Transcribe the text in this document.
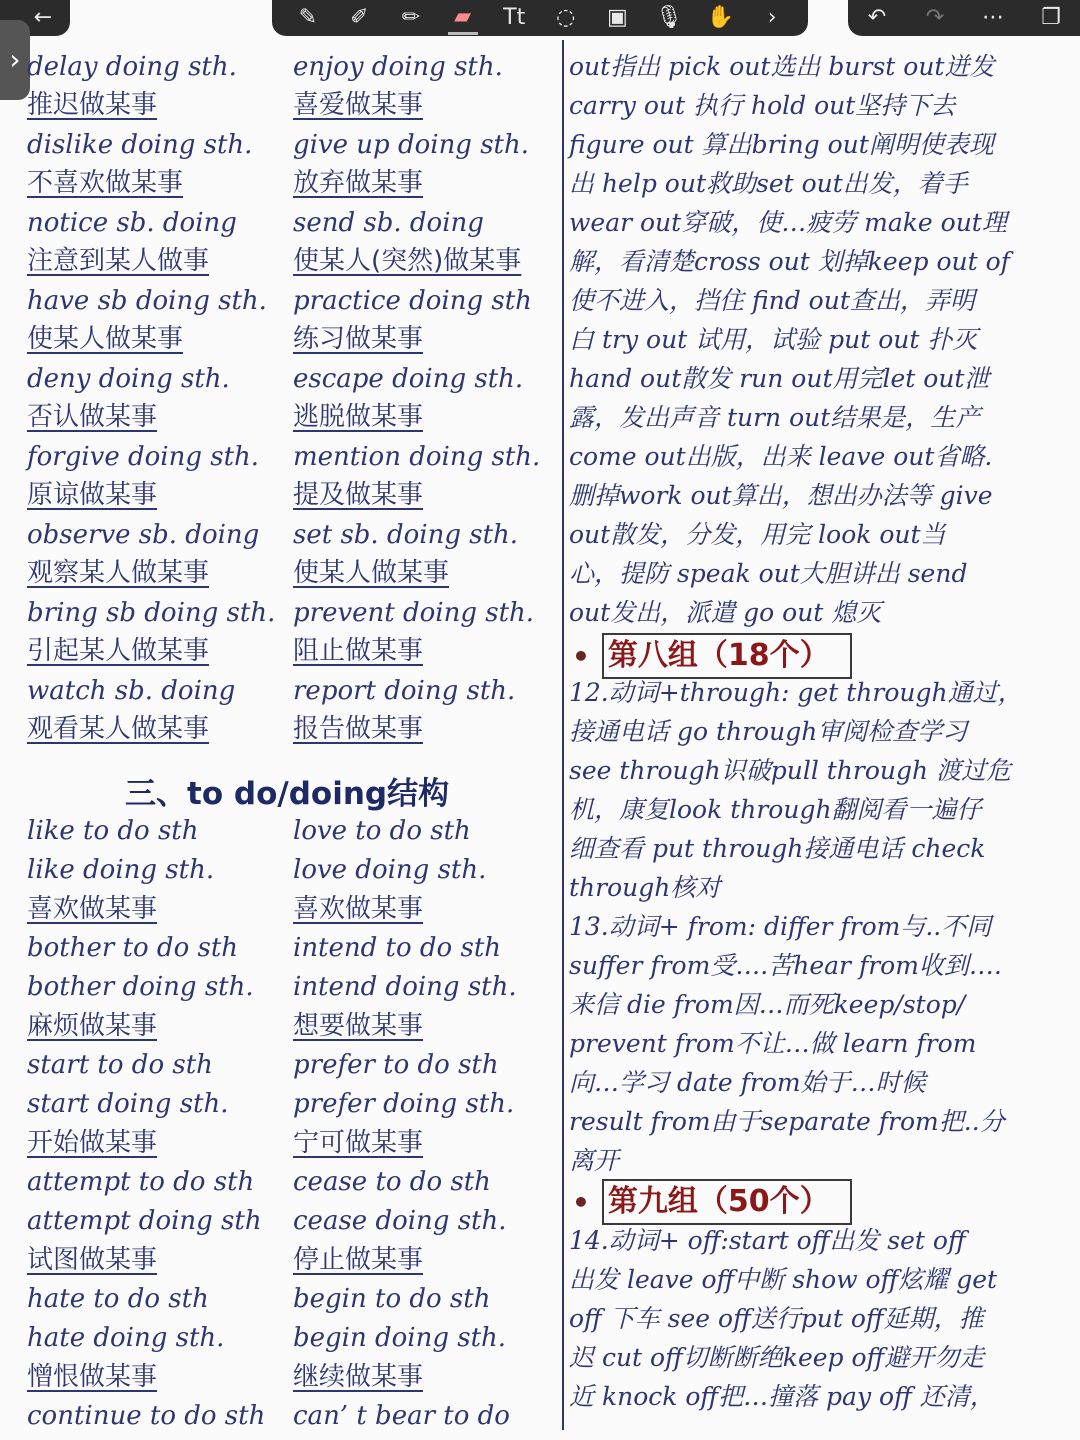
←
›
✎ ✐ ✏ ▰ Tt ◌ ▣ 🎙 ✋	›	↶ ↷ ⋯ ❐
delay doing sth.
推迟做某事
dislike doing sth.
不喜欢做某事
notice sb. doing
注意到某人做事
have sb doing sth.
使某人做某事
deny doing sth.
否认做某事
forgive doing sth.
原谅做某事
observe sb. doing
观察某人做某事
bring sb doing sth.
引起某人做某事
watch sb. doing
观看某人做某事
enjoy doing sth.
喜爱做某事
give up doing sth.
放弃做某事
send sb. doing
使某人(突然)做某事
practice doing sth
练习做某事
escape doing sth.
逃脱做某事
mention doing sth.
提及做某事
set sb. doing sth.
使某人做某事
prevent doing sth.
阻止做某事
report doing sth.
报告做某事
三、to do/doing结构
like to do sth
like doing sth.
喜欢做某事
bother to do sth
bother doing sth.
麻烦做某事
start to do sth
start doing sth.
开始做某事
attempt to do sth
attempt doing sth
试图做某事
hate to do sth
hate doing sth.
憎恨做某事
continue to do sth
love to do sth
love doing sth.
喜欢做某事
intend to do sth
intend doing sth.
想要做某事
prefer to do sth
prefer doing sth.
宁可做某事
cease to do sth
cease doing sth.
停止做某事
begin to do sth
begin doing sth.
继续做某事
can’ t bear to do
out指出 pick out选出 burst out迸发
carry out 执行 hold out坚持下去
figure out 算出bring out阐明使表现
出 help out救助set out出发，着手
wear out穿破，使…疲劳 make out理
解，看清楚cross out 划掉keep out of
使不进入，挡住 find out查出，弄明
白 try out 试用，试验 put out 扑灭
hand out散发 run out用完let out泄
露，发出声音 turn out结果是，生产
come out出版，出来 leave out省略.
删掉work out算出，想出办法等 give
out散发，分发，用完 look out当
心，提防 speak out大胆讲出 send
out发出，派遣 go out 熄灭
12.动词+through: get through通过，
接通电话 go through审阅检查学习
see through识破pull through 渡过危
机，康复look through翻阅看一遍仔
细查看 put through接通电话 check
through核对
13.动词+ from: differ from与..不同
suffer from受….苦hear from收到….
来信 die from因…而死keep/stop/
prevent from不让…做 learn from
向…学习 date from始于…时候
result from由于separate from把..分
离开
14.动词+ off:start off出发 set off
出发 leave off中断 show off炫耀 get
off 下车 see off送行put off延期，推
迟 cut off切断断绝keep off避开勿走
近 knock off把…撞落 pay off 还清，
• 第八组（18个）
• 第九组（50个）
